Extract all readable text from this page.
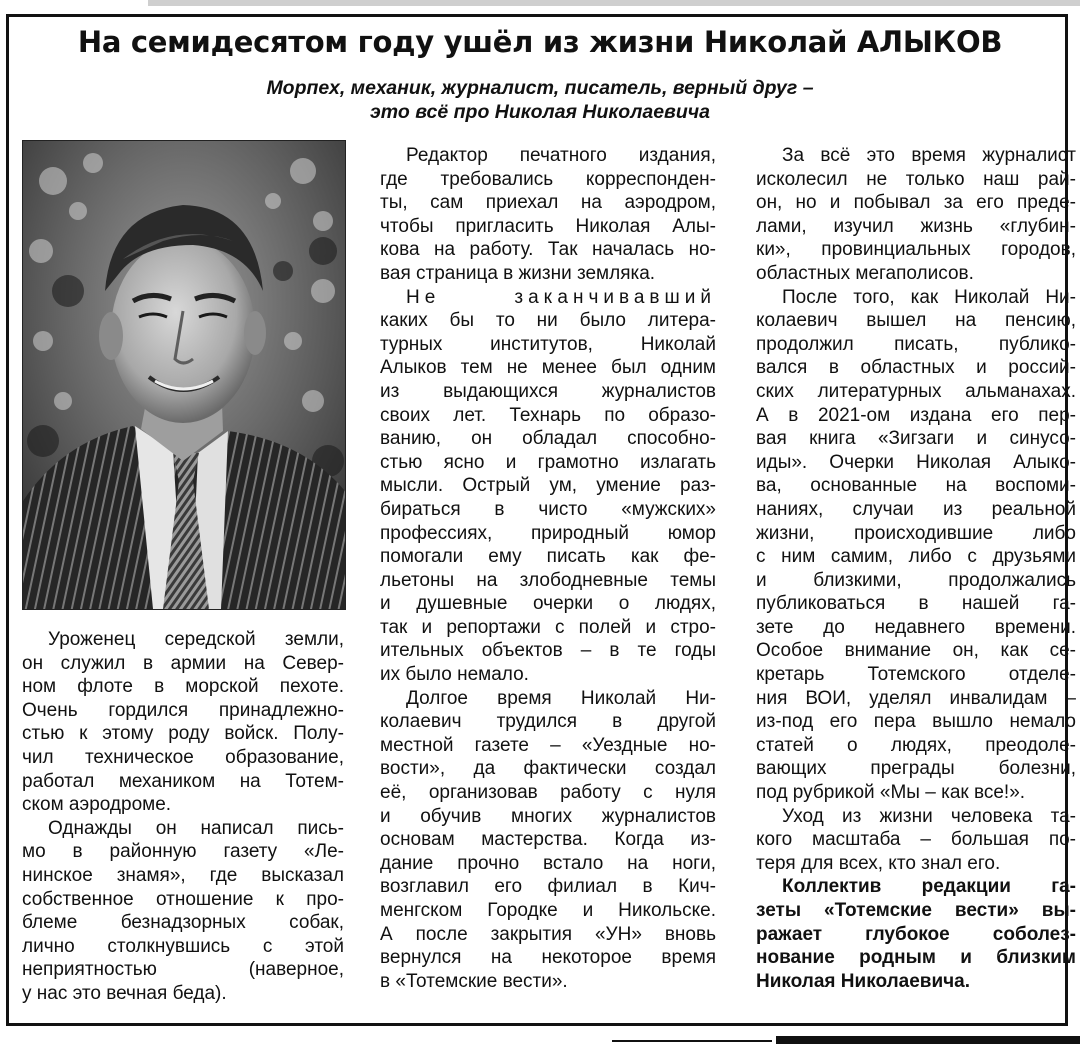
На семидесятом году ушёл из жизни Николай АЛЫКОВ
Морпех, механик, журналист, писатель, верный друг –
это всё про Николая Николаевича
Уроженец середской земли,
он служил в армии на Север-
ном флоте в морской пехоте.
Очень гордился принадлежно-
стью к этому роду войск. Полу-
чил техническое образование,
работал механиком на Тотем-
ском аэродроме.
Однажды он написал пись-
мо в районную газету «Ле-
нинское знамя», где высказал
собственное отношение к про-
блеме безнадзорных собак,
лично столкнувшись с этой
неприятностью (наверное,
у нас это вечная беда).
Редактор печатного издания,
где требовались корреспонден-
ты, сам приехал на аэродром,
чтобы пригласить Николая Алы-
кова на работу. Так началась но-
вая страница в жизни земляка.
Не заканчивавший
каких бы то ни было литера-
турных институтов, Николай
Алыков тем не менее был одним
из выдающихся журналистов
своих лет. Технарь по образо-
ванию, он обладал способно-
стью ясно и грамотно излагать
мысли. Острый ум, умение раз-
бираться в чисто «мужских»
профессиях, природный юмор
помогали ему писать как фе-
льетоны на злободневные темы
и душевные очерки о людях,
так и репортажи с полей и стро-
ительных объектов – в те годы
их было немало.
Долгое время Николай Ни-
колаевич трудился в другой
местной газете – «Уездные но-
вости», да фактически создал
её, организовав работу с нуля
и обучив многих журналистов
основам мастерства. Когда из-
дание прочно встало на ноги,
возглавил его филиал в Кич-
менгском Городке и Никольске.
А после закрытия «УН» вновь
вернулся на некоторое время
в «Тотемские вести».
За всё это время журналист
исколесил не только наш рай-
он, но и побывал за его преде-
лами, изучил жизнь «глубин-
ки», провинциальных городов,
областных мегаполисов.
После того, как Николай Ни-
колаевич вышел на пенсию,
продолжил писать, публико-
вался в областных и россий-
ских литературных альманахах.
А в 2021-ом издана его пер-
вая книга «Зигзаги и синусо-
иды». Очерки Николая Алыко-
ва, основанные на воспоми-
наниях, случаи из реальной
жизни, происходившие либо
с ним самим, либо с друзьями
и близкими, продолжались
публиковаться в нашей га-
зете до недавнего времени.
Особое внимание он, как се-
кретарь Тотемского отделе-
ния ВОИ, уделял инвалидам –
из-под его пера вышло немало
статей о людях, преодоле-
вающих преграды болезни,
под рубрикой «Мы – как все!».
Уход из жизни человека та-
кого масштаба – большая по-
теря для всех, кто знал его.
Коллектив редакции га-
зеты «Тотемские вести» вы-
ражает глубокое соболез-
нование родным и близким
Николая Николаевича.
